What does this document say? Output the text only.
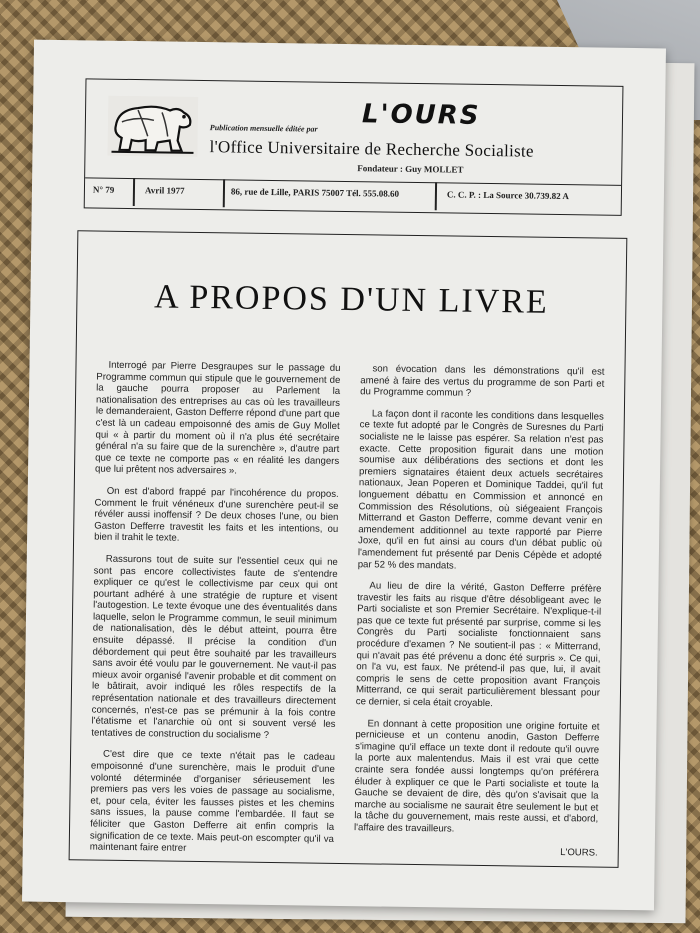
Publication mensuelle éditée par L'OURS
l'Office Universitaire de Recherche Socialiste
Fondateur : Guy MOLLET
N° 79	Avril 1977	86, rue de Lille, PARIS 75007 Tél. 555.08.60	C. C. P. : La Source 30.739.82 A
A PROPOS D'UN LIVRE

Interrogé par Pierre Desgraupes sur le passage du Programme commun qui stipule que le gouvernement de la gauche pourra proposer au Parlement la nationalisation des entreprises au cas où les travailleurs le demanderaient, Gaston Defferre répond d'une part que c'est là un cadeau empoisonné des amis de Guy Mollet qui « à partir du moment où il n'a plus été secrétaire général n'a su faire que de la surenchère », d'autre part que ce texte ne comporte pas « en réalité les dangers que lui prêtent nos adversaires ».

On est d'abord frappé par l'incohérence du propos. Comment le fruit vénéneux d'une surenchère peut-il se révéler aussi inoffensif ? De deux choses l'une, ou bien Gaston Defferre travestit les faits et les intentions, ou bien il trahit le texte.

Rassurons tout de suite sur l'essentiel ceux qui ne sont pas encore collectivistes faute de s'entendre expliquer ce qu'est le collectivisme par ceux qui ont pourtant adhéré à une stratégie de rupture et visent l'autogestion. Le texte évoque une des éventualités dans laquelle, selon le Programme commun, le seuil minimum de nationalisation, dès le début atteint, pourra être ensuite dépassé. Il précise la condition d'un débordement qui peut être souhaité par les travailleurs sans avoir été voulu par le gouvernement. Ne vaut-il pas mieux avoir organisé l'avenir probable et dit comment on le bâtirait, avoir indiqué les rôles respectifs de la représentation nationale et des travailleurs directement concernés, n'est-ce pas se prémunir à la fois contre l'étatisme et l'anarchie où ont si souvent versé les tentatives de construction du socialisme ?

C'est dire que ce texte n'était pas le cadeau empoisonné d'une surenchère, mais le produit d'une volonté déterminée d'organiser sérieusement les premiers pas vers les voies de passage au socialisme, et, pour cela, éviter les fausses pistes et les chemins sans issues, la pause comme l'embardée. Il faut se féliciter que Gaston Defferre ait enfin compris la signification de ce texte. Mais peut-on escompter qu'il va maintenant faire entrer

son évocation dans les démonstrations qu'il est amené à faire des vertus du programme de son Parti et du Programme commun ?

La façon dont il raconte les conditions dans lesquelles ce texte fut adopté par le Congrès de Suresnes du Parti socialiste ne le laisse pas espérer. Sa relation n'est pas exacte. Cette proposition figurait dans une motion soumise aux délibérations des sections et dont les premiers signataires étaient deux actuels secrétaires nationaux, Jean Poperen et Dominique Taddei, qu'il fut longuement débattu en Commission et annoncé en Commission des Résolutions, où siégeaient François Mitterrand et Gaston Defferre, comme devant venir en amendement additionnel au texte rapporté par Pierre Joxe, qu'il en fut ainsi au cours d'un débat public où l'amendement fut présenté par Denis Cépède et adopté par 52 % des mandats.

Au lieu de dire la vérité, Gaston Defferre préfère travestir les faits au risque d'être désobligeant avec le Parti socialiste et son Premier Secrétaire. N'explique-t-il pas que ce texte fut présenté par surprise, comme si les Congrès du Parti socialiste fonctionnaient sans procédure d'examen ? Ne soutient-il pas : « Mitterrand, qui n'avait pas été prévenu a donc été surpris ». Ce qui, on l'a vu, est faux. Ne prétend-il pas que, lui, il avait compris le sens de cette proposition avant François Mitterrand, ce qui serait particulièrement blessant pour ce dernier, si cela était croyable.

En donnant à cette proposition une origine fortuite et pernicieuse et un contenu anodin, Gaston Defferre s'imagine qu'il efface un texte dont il redoute qu'il ouvre la porte aux malentendus. Mais il est vrai que cette crainte sera fondée aussi longtemps qu'on préférera éluder à expliquer ce que le Parti socialiste et toute la Gauche se devaient de dire, dès qu'on s'avisait que la marche au socialisme ne saurait être seulement le but et la tâche du gouvernement, mais reste aussi, et d'abord, l'affaire des travailleurs.

L'OURS.
